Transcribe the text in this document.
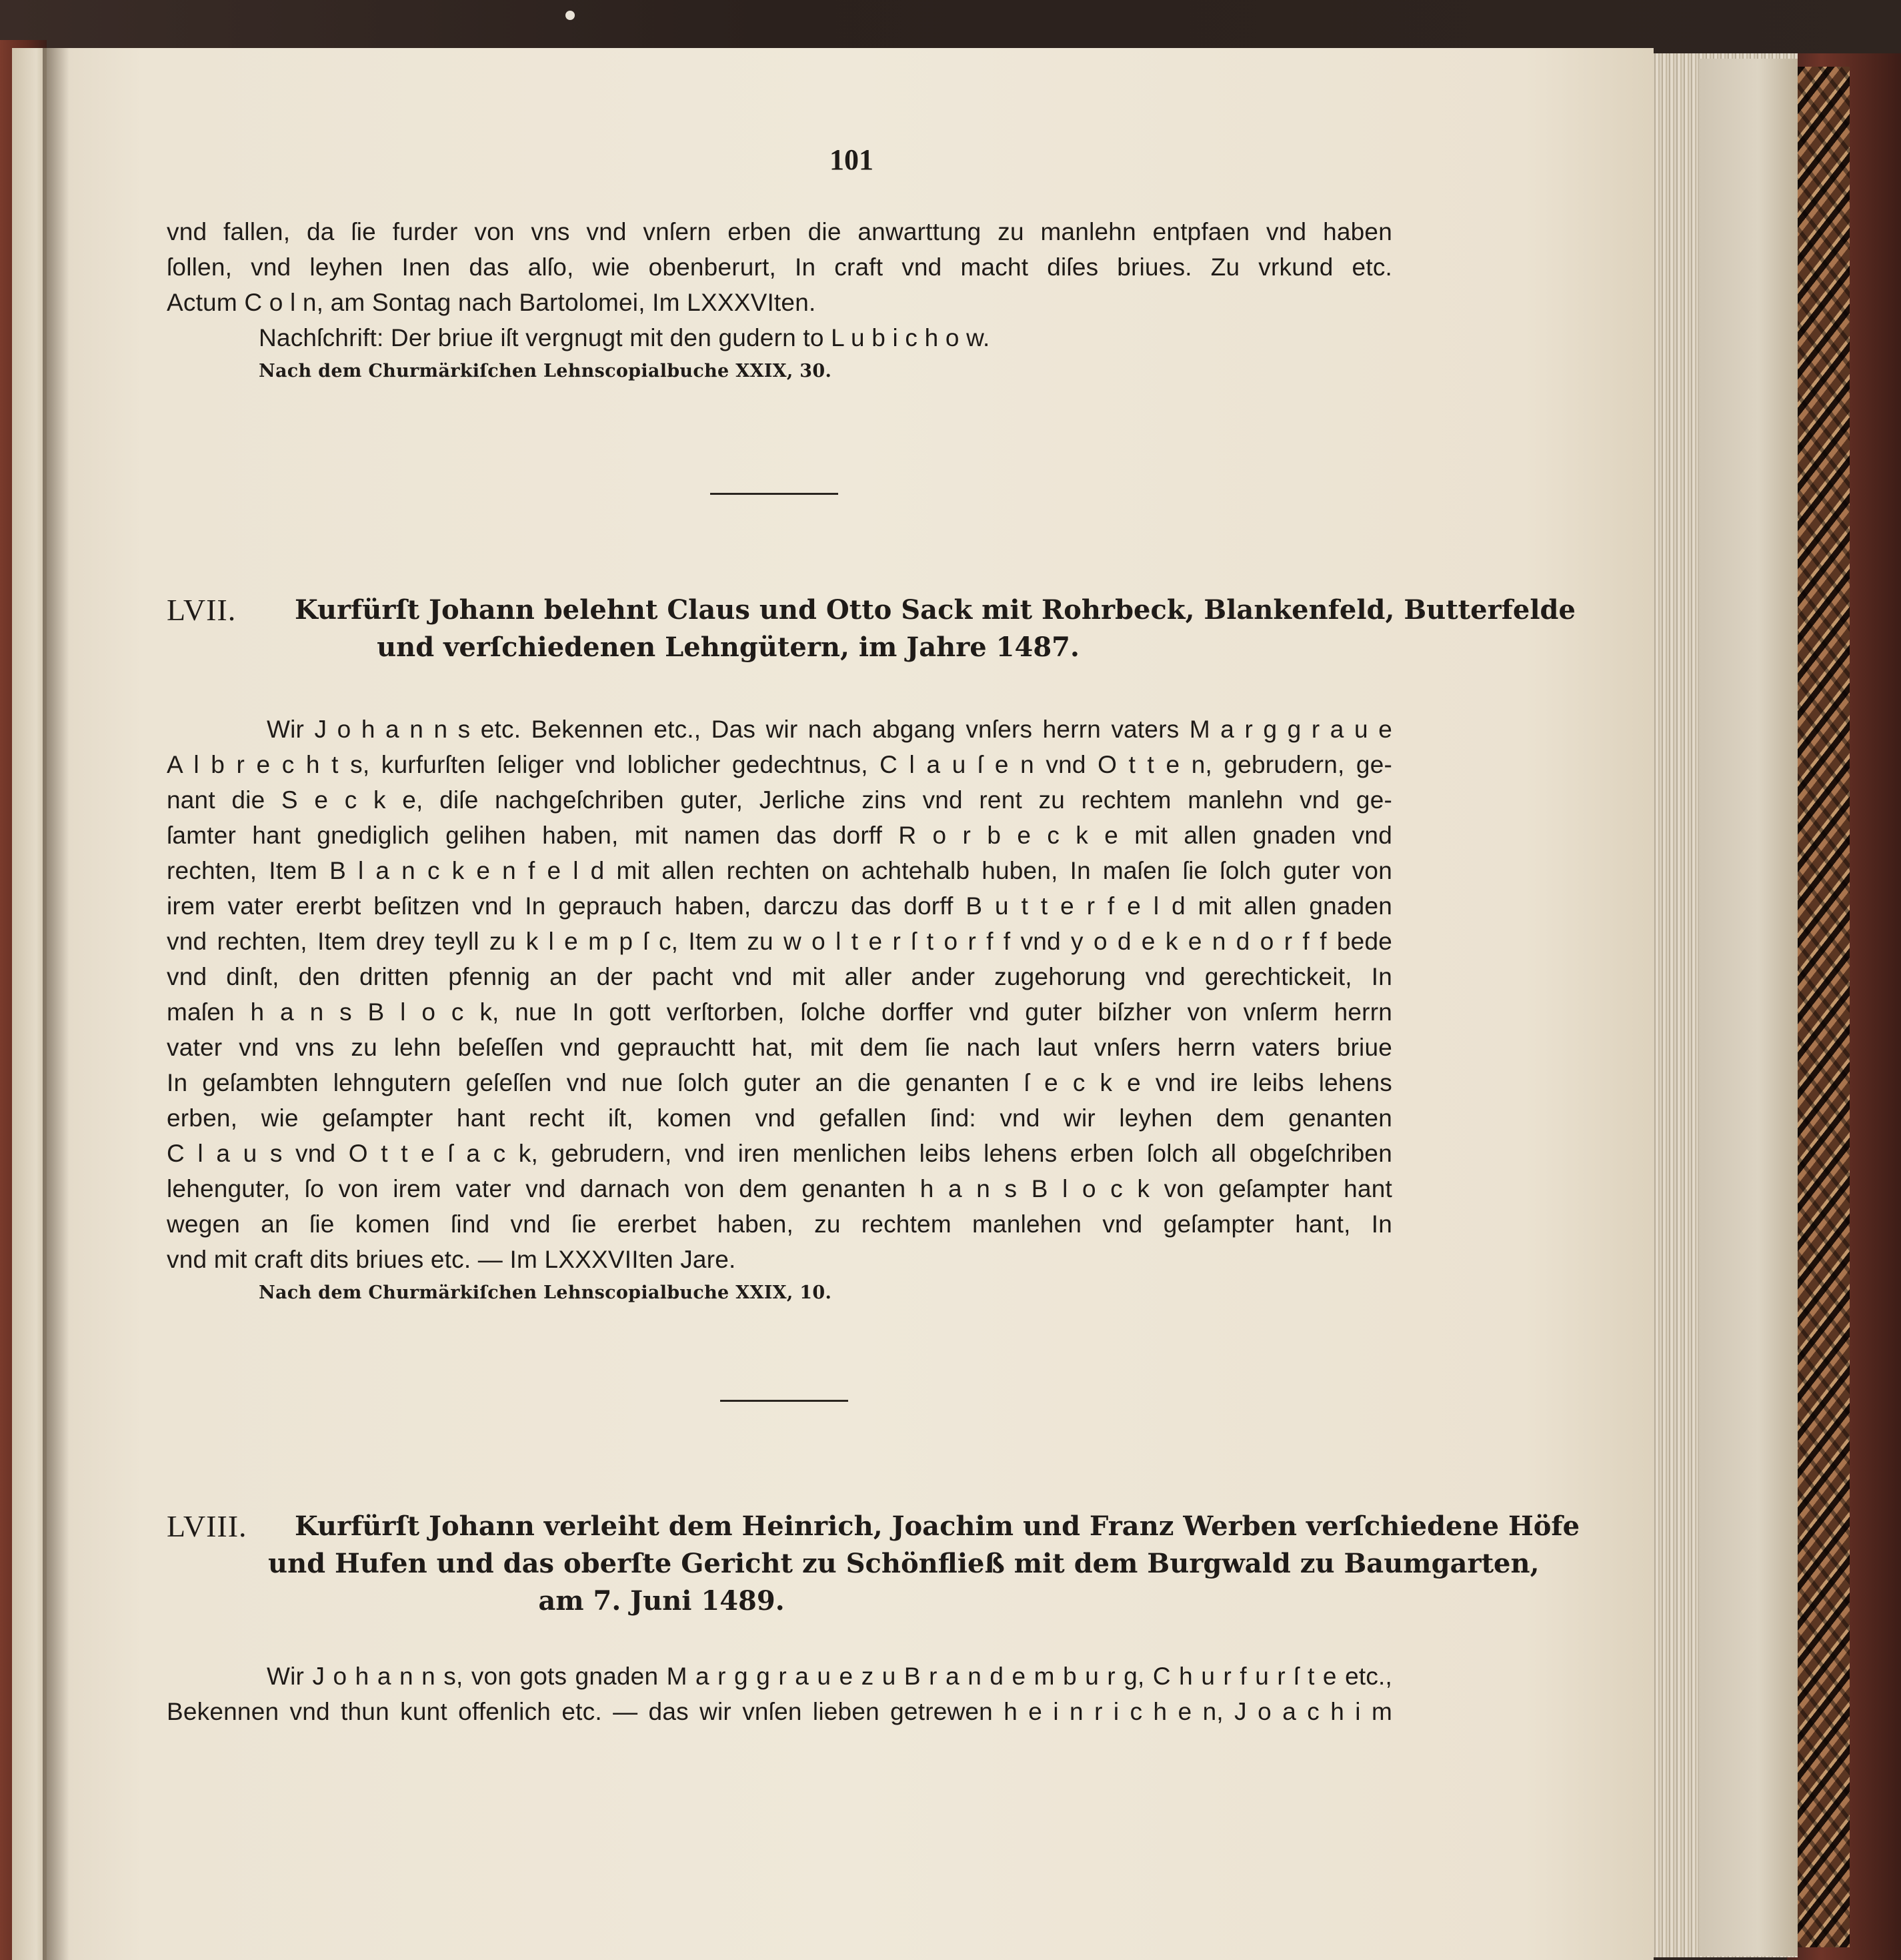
101
vnd fallen, da ſie furder von vns vnd vnſern erben die anwarttung zu manlehn entpfaen vnd haben
ſollen, vnd leyhen Inen das alſo, wie obenberurt, In craft vnd macht diſes briues. Zu vrkund etc.
Actum C o l n, am Sontag nach Bartolomei, Im LXXXVIten.
Nachſchrift: Der briue iſt vergnugt mit den gudern to L u b i c h o w.
Nach dem Churmärkiſchen Lehnscopialbuche XXIX, 30.
LVII. Kurfürſt Johann belehnt Claus und Otto Sack mit Rohrbeck, Blankenfeld, Butterfelde
und verſchiedenen Lehngütern, im Jahre 1487.
Wir J o h a n n s etc. Bekennen etc., Das wir nach abgang vnſers herrn vaters M a r g g r a u e
A l b r e c h t s, kurfurſten ſeliger vnd loblicher gedechtnus, C l a u ſ e n vnd O t t e n, gebrudern, ge-
nant die S e c k e, diſe nachgeſchriben guter, Jerliche zins vnd rent zu rechtem manlehn vnd ge-
ſamter hant gnediglich gelihen haben, mit namen das dorff R o r b e c k e mit allen gnaden vnd
rechten, Item B l a n c k e n f e l d mit allen rechten on achtehalb huben, In maſen ſie ſolch guter von
irem vater ererbt beſitzen vnd In geprauch haben, darczu das dorff B u t t e r f e l d mit allen gnaden
vnd rechten, Item drey teyll zu k l e m p ſ c, Item zu w o l t e r ſ t o r f f vnd y o d e k e n d o r f f bede
vnd dinſt, den dritten pfennig an der pacht vnd mit aller ander zugehorung vnd gerechtickeit, In
maſen h a n s B l o c k, nue In gott verſtorben, ſolche dorffer vnd guter biſzher von vnſerm herrn
vater vnd vns zu lehn beſeſſen vnd geprauchtt hat, mit dem ſie nach laut vnſers herrn vaters briue
In geſambten lehngutern geſeſſen vnd nue ſolch guter an die genanten ſ e c k e vnd ire leibs lehens
erben, wie geſampter hant recht iſt, komen vnd gefallen ſind: vnd wir leyhen dem genanten
C l a u s vnd O t t e ſ a c k, gebrudern, vnd iren menlichen leibs lehens erben ſolch all obgeſchriben
lehenguter, ſo von irem vater vnd darnach von dem genanten h a n s B l o c k von geſampter hant
wegen an ſie komen ſind vnd ſie ererbet haben, zu rechtem manlehen vnd geſampter hant, In
vnd mit craft dits briues etc. — Im LXXXVIIten Jare.
Nach dem Churmärkiſchen Lehnscopialbuche XXIX, 10.
LVIII. Kurfürſt Johann verleiht dem Heinrich, Joachim und Franz Werben verſchiedene Höfe
und Hufen und das oberſte Gericht zu Schönfließ mit dem Burgwald zu Baumgarten,
am 7. Juni 1489.
Wir J o h a n n s, von gots gnaden M a r g g r a u e z u B r a n d e m b u r g, C h u r f u r ſ t e etc.,
Bekennen vnd thun kunt offenlich etc. — das wir vnſen lieben getrewen h e i n r i c h e n, J o a c h i m
